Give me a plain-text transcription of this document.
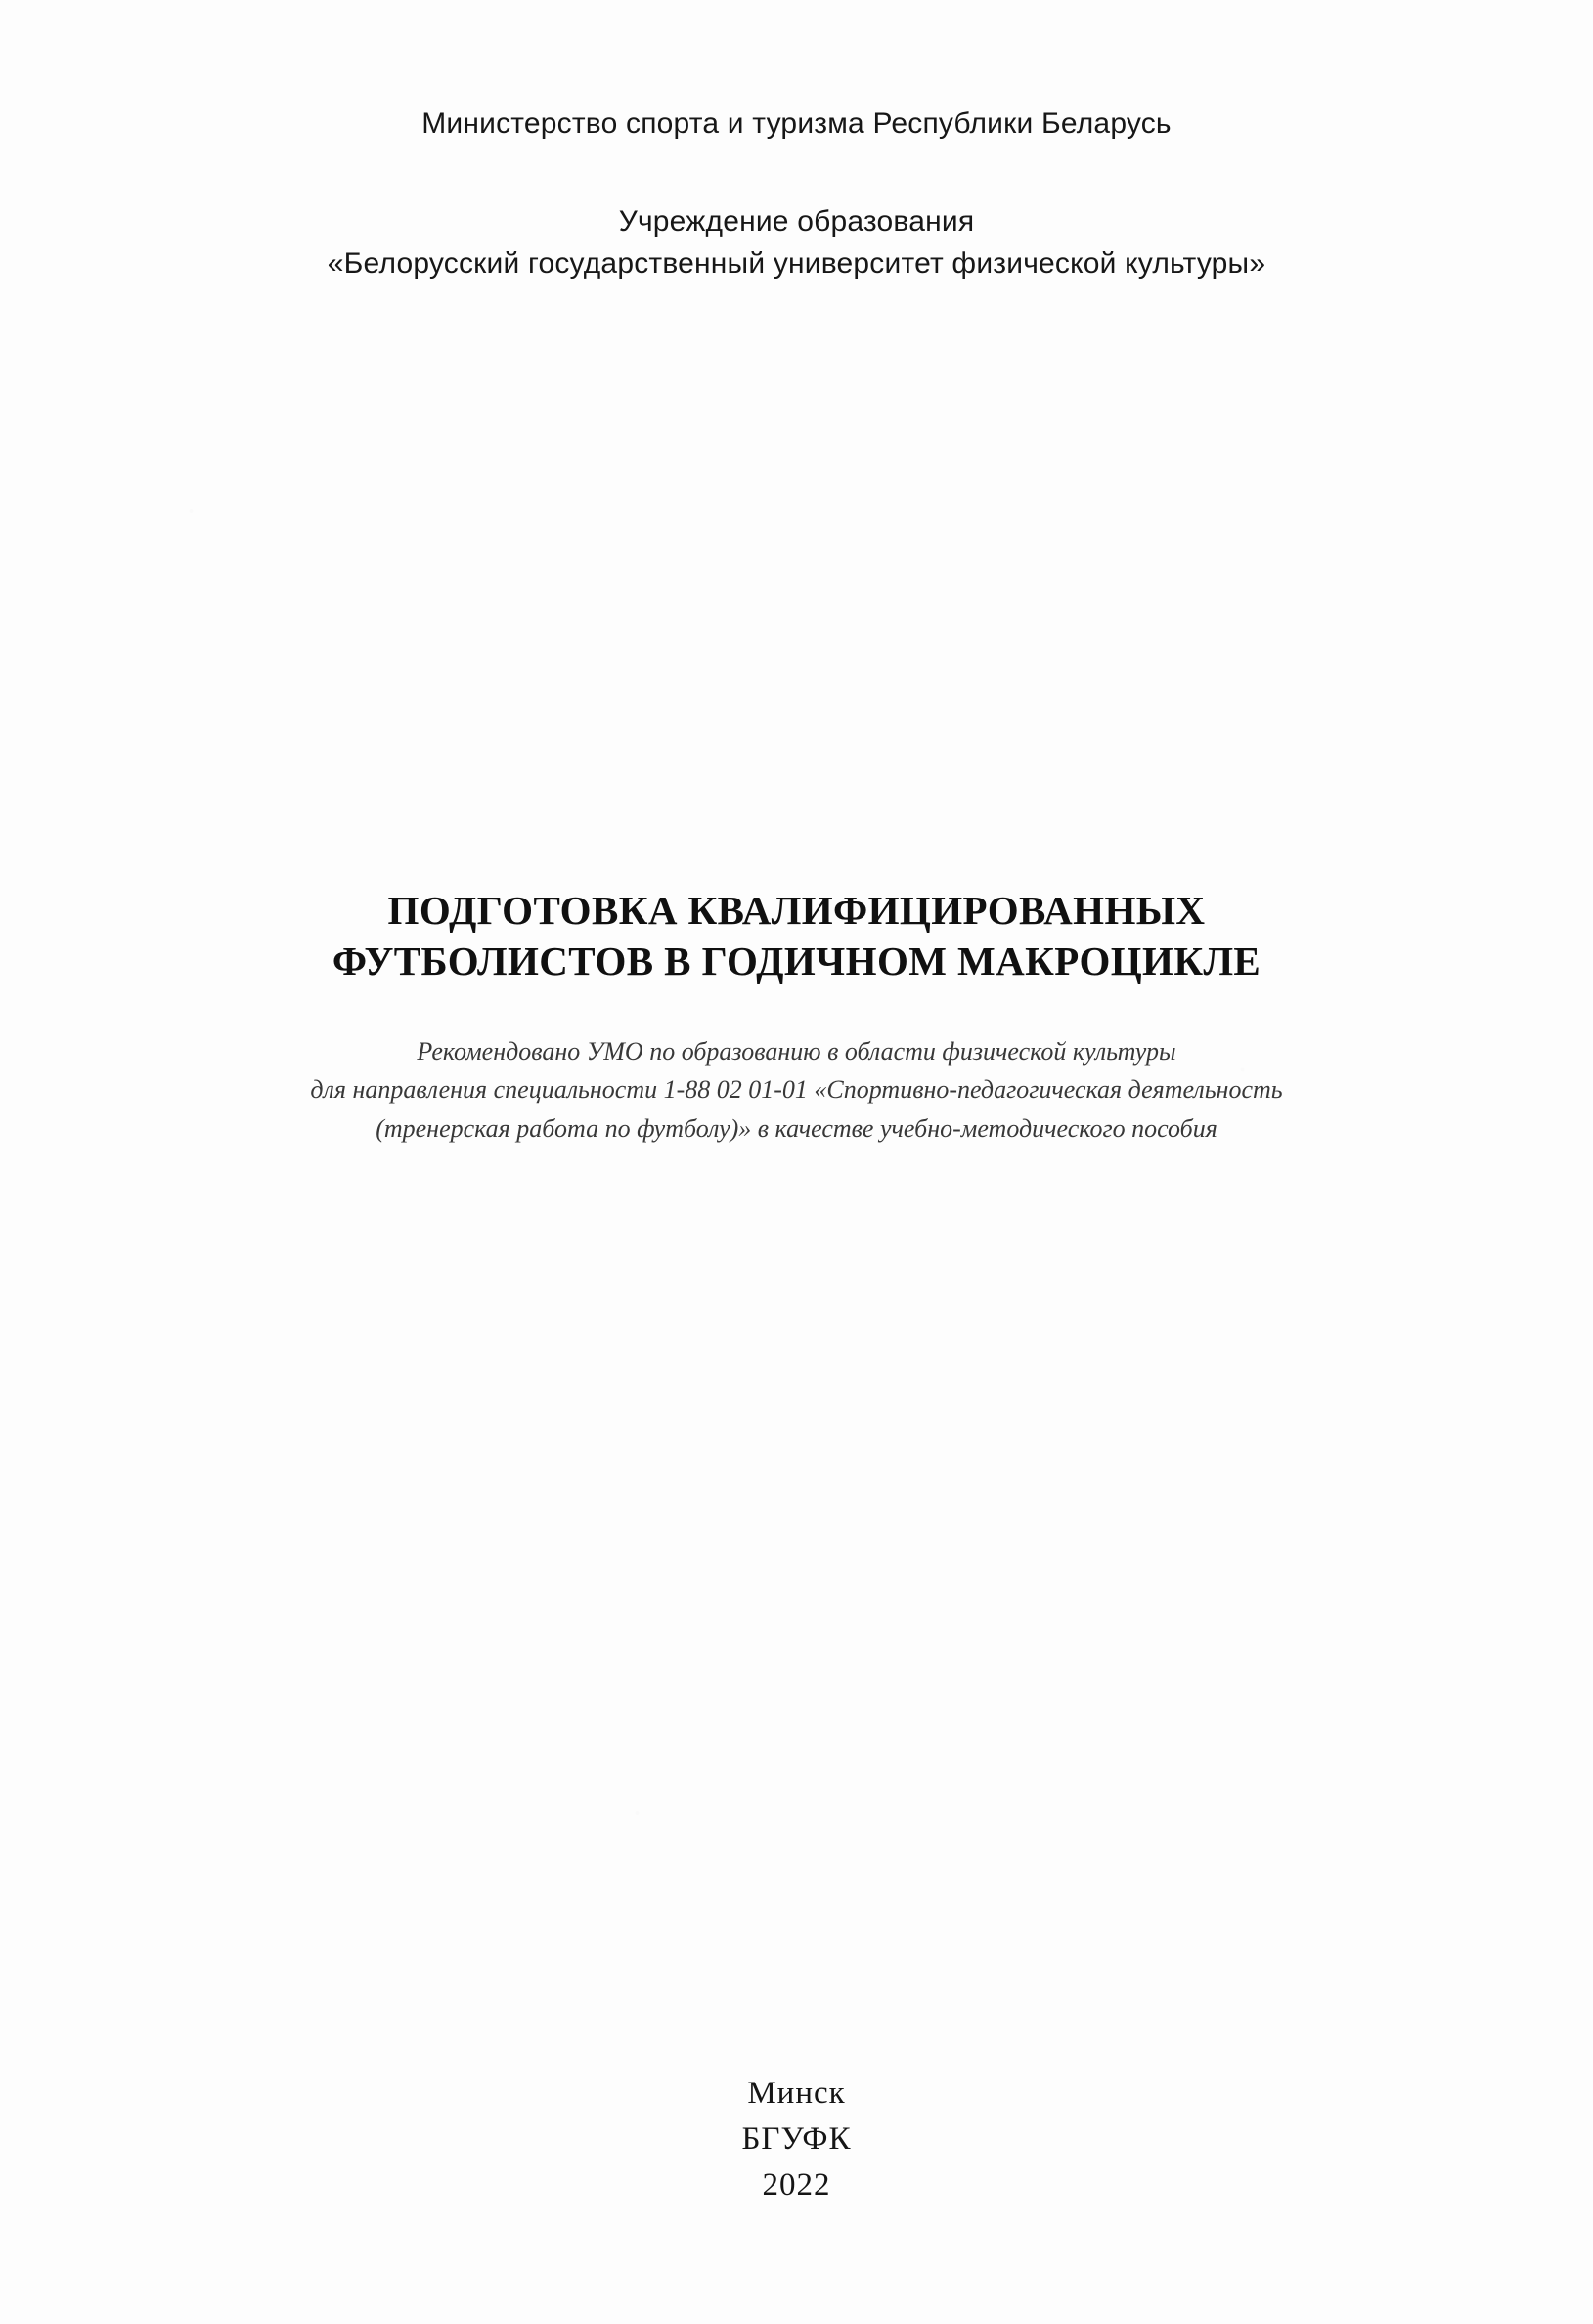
Министерство спорта и туризма Республики Беларусь
Учреждение образования
«Белорусский государственный университет физической культуры»
ПОДГОТОВКА КВАЛИФИЦИРОВАННЫХ
ФУТБОЛИСТОВ В ГОДИЧНОМ МАКРОЦИКЛЕ
Рекомендовано УМО по образованию в области физической культуры
для направления специальности 1-88 02 01-01 «Спортивно-педагогическая деятельность
(тренерская работа по футболу)» в качестве учебно-методического пособия
Минск
БГУФК
2022
